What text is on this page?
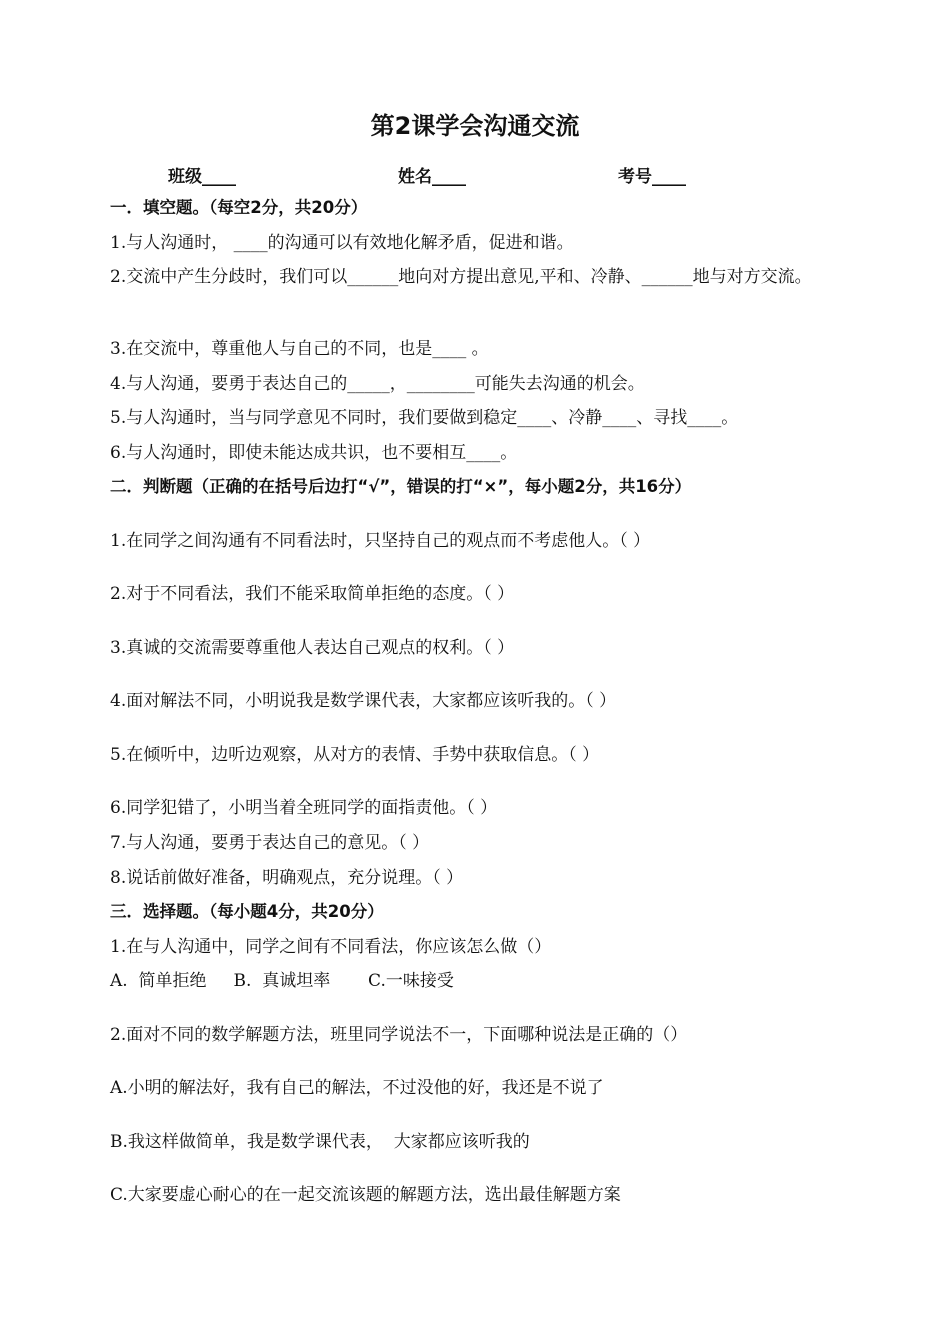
第2课学会沟通交流
班级____	姓名____	考号____
一．填空题。（每空2分，共20分）
1.与人沟通时， ____的沟通可以有效地化解矛盾，促进和谐。
2.交流中产生分歧时，我们可以______地向对方提出意见,平和、冷静、______地与对方交流。
3.在交流中，尊重他人与自己的不同，也是____ 。
4.与人沟通，要勇于表达自己的_____，________可能失去沟通的机会。
5.与人沟通时，当与同学意见不同时，我们要做到稳定____、冷静____、寻找____。
6.与人沟通时，即使未能达成共识，也不要相互____。
二．判断题（正确的在括号后边打“√”，错误的打“×”，每小题2分，共16分）
1.在同学之间沟通有不同看法时，只坚持自己的观点而不考虑他人。（ ）
2.对于不同看法，我们不能采取简单拒绝的态度。（ ）
3.真诚的交流需要尊重他人表达自己观点的权利。（ ）
4.面对解法不同，小明说我是数学课代表，大家都应该听我的。（ ）
5.在倾听中，边听边观察，从对方的表情、手势中获取信息。（ ）
6.同学犯错了，小明当着全班同学的面指责他。（ ）
7.与人沟通，要勇于表达自己的意见。（ ）
8.说话前做好准备，明确观点，充分说理。（ ）
三．选择题。（每小题4分，共20分）
1.在与人沟通中，同学之间有不同看法，你应该怎么做（）
A.  简单拒绝     B.  真诚坦率       C.一味接受
2.面对不同的数学解题方法，班里同学说法不一，下面哪种说法是正确的（）
A.小明的解法好，我有自己的解法，不过没他的好，我还是不说了
B.我这样做简单，我是数学课代表，  大家都应该听我的
C.大家要虚心耐心的在一起交流该题的解题方法，选出最佳解题方案
